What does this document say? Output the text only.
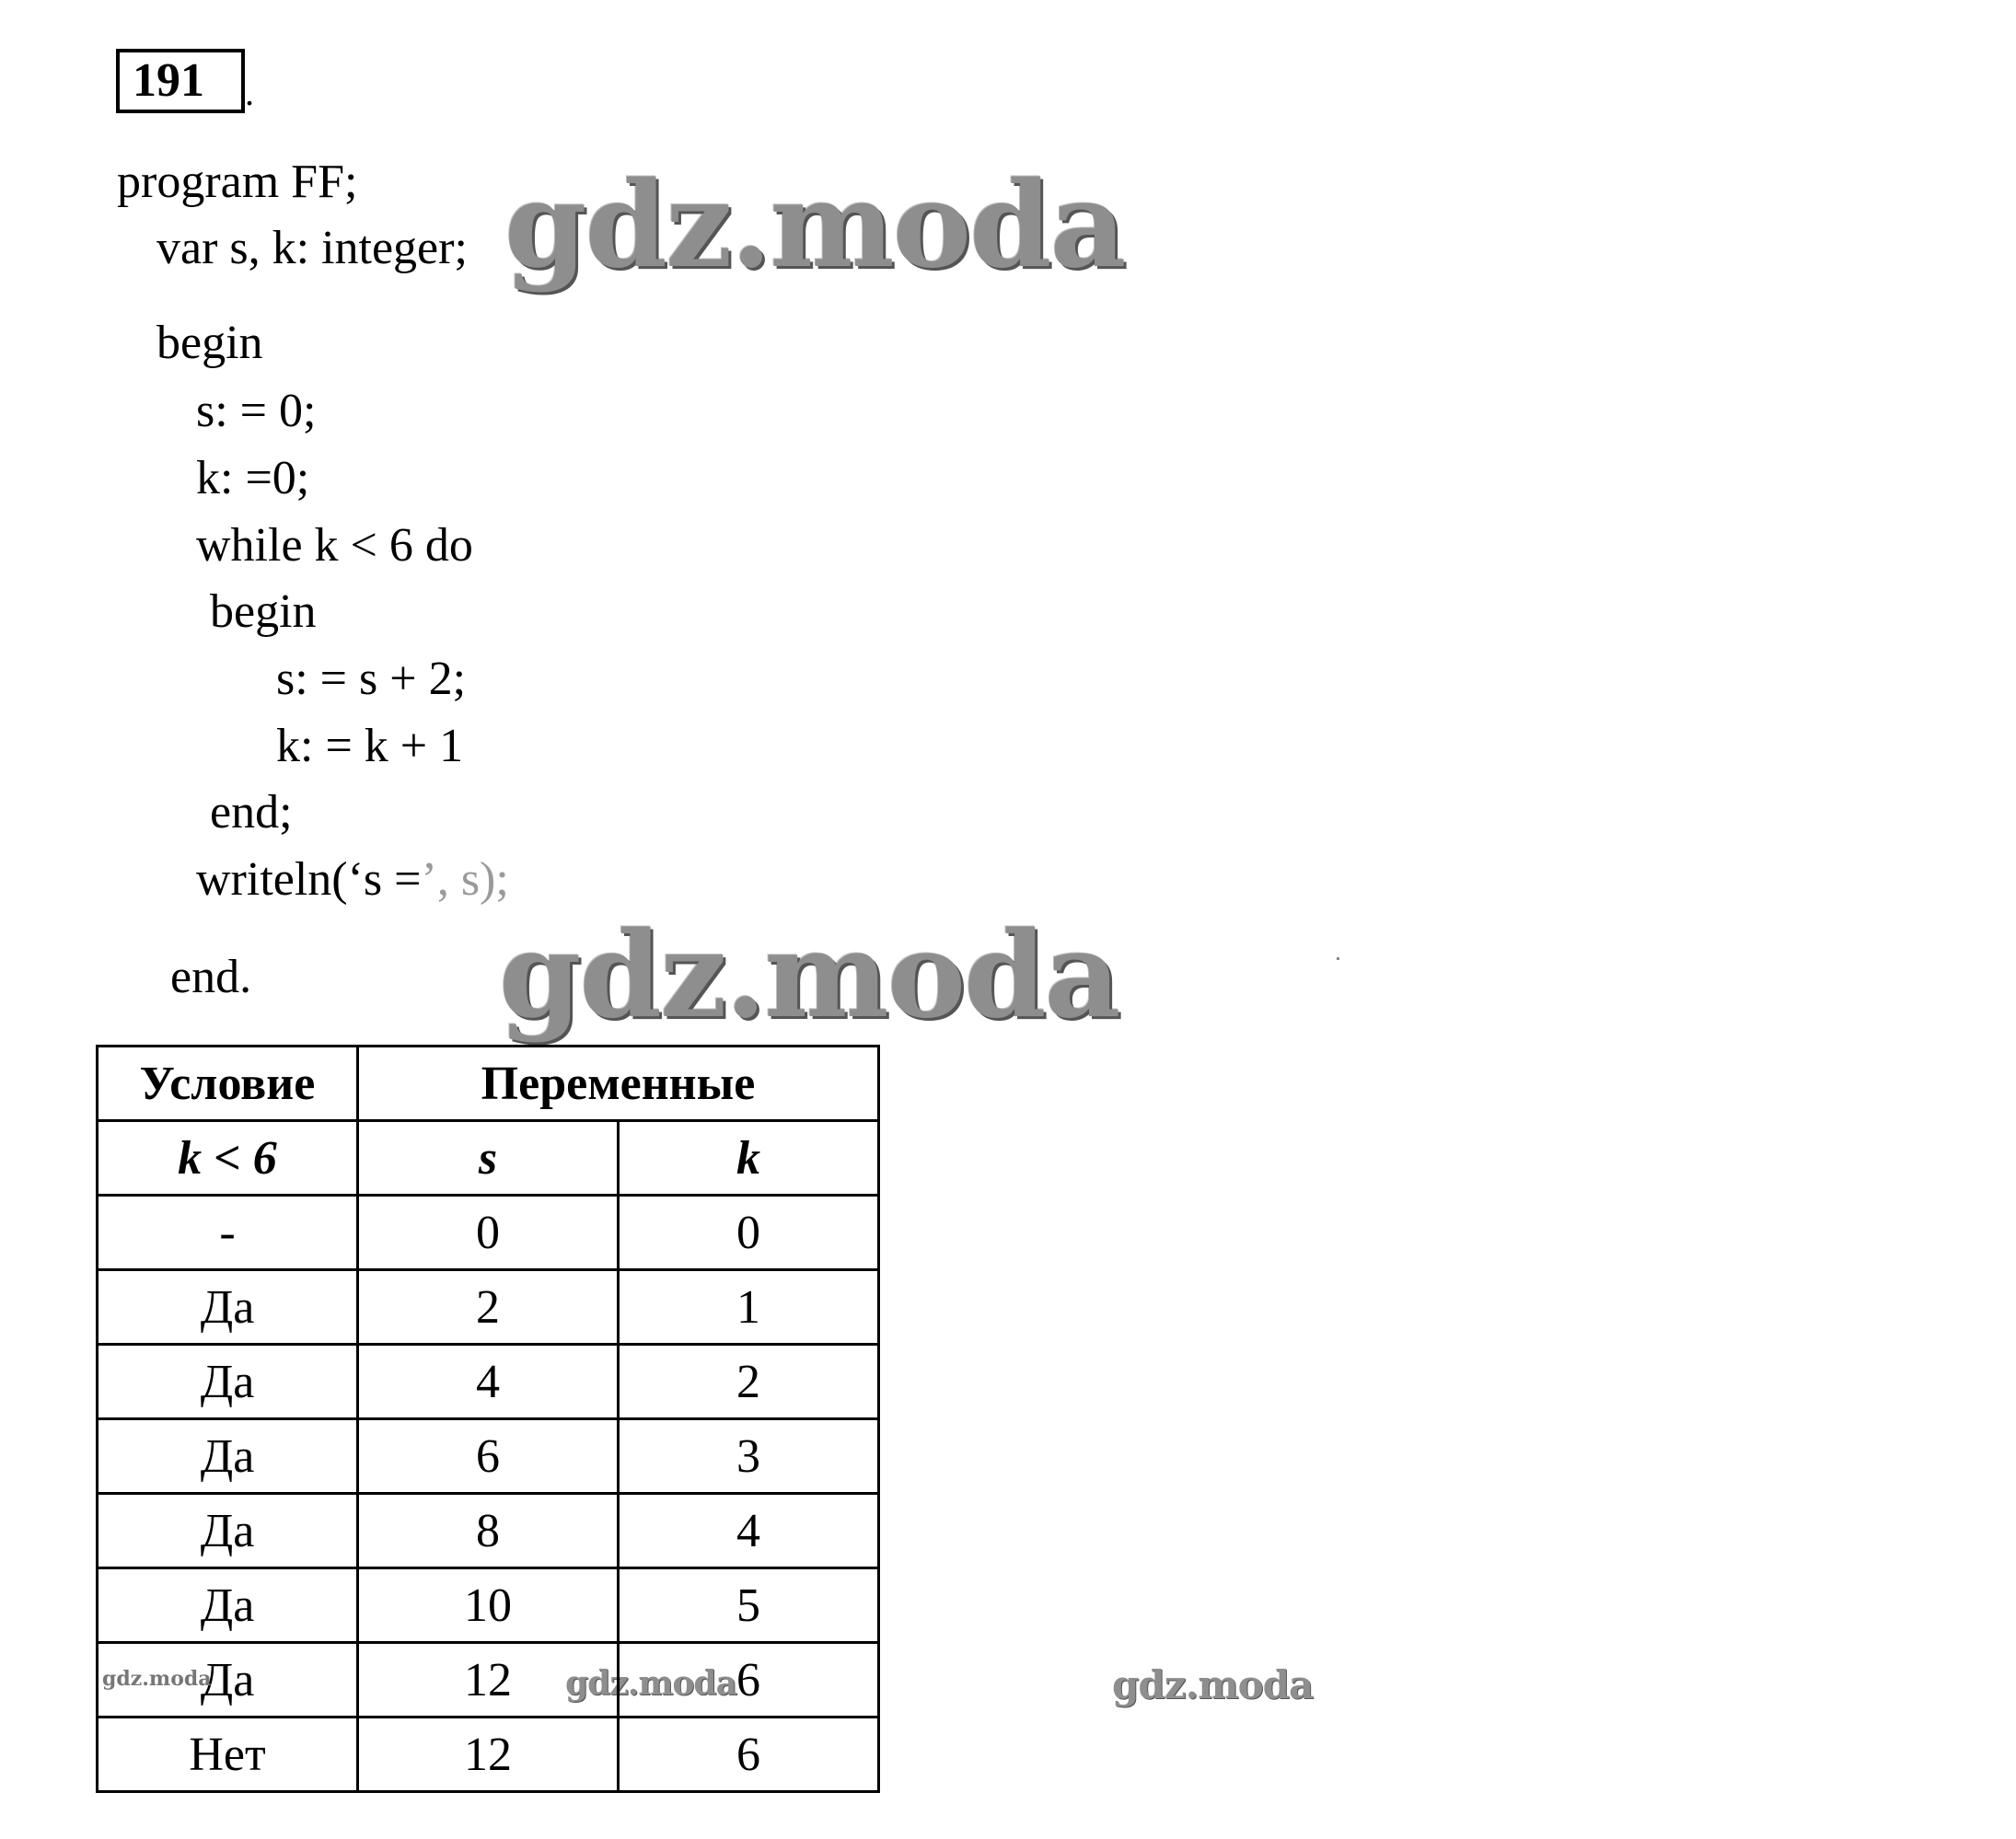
191 .
program FF;
var s, k: integer;
begin
s: = 0;
k: =0;
while k < 6 do
begin
s: = s + 2;
k: = k + 1
end;
writeln(‘s =’, s);
end.
gdz.moda
gdz.moda
gdz.moda
gdz.moda
Условие	Переменные	
k < 6	s	k
-	0	0
Да	2	1
Да	4	2
Да	6	3
Да	8	4
Да	10	5

gdz.moda
Да	12	6
Нет	12	6
